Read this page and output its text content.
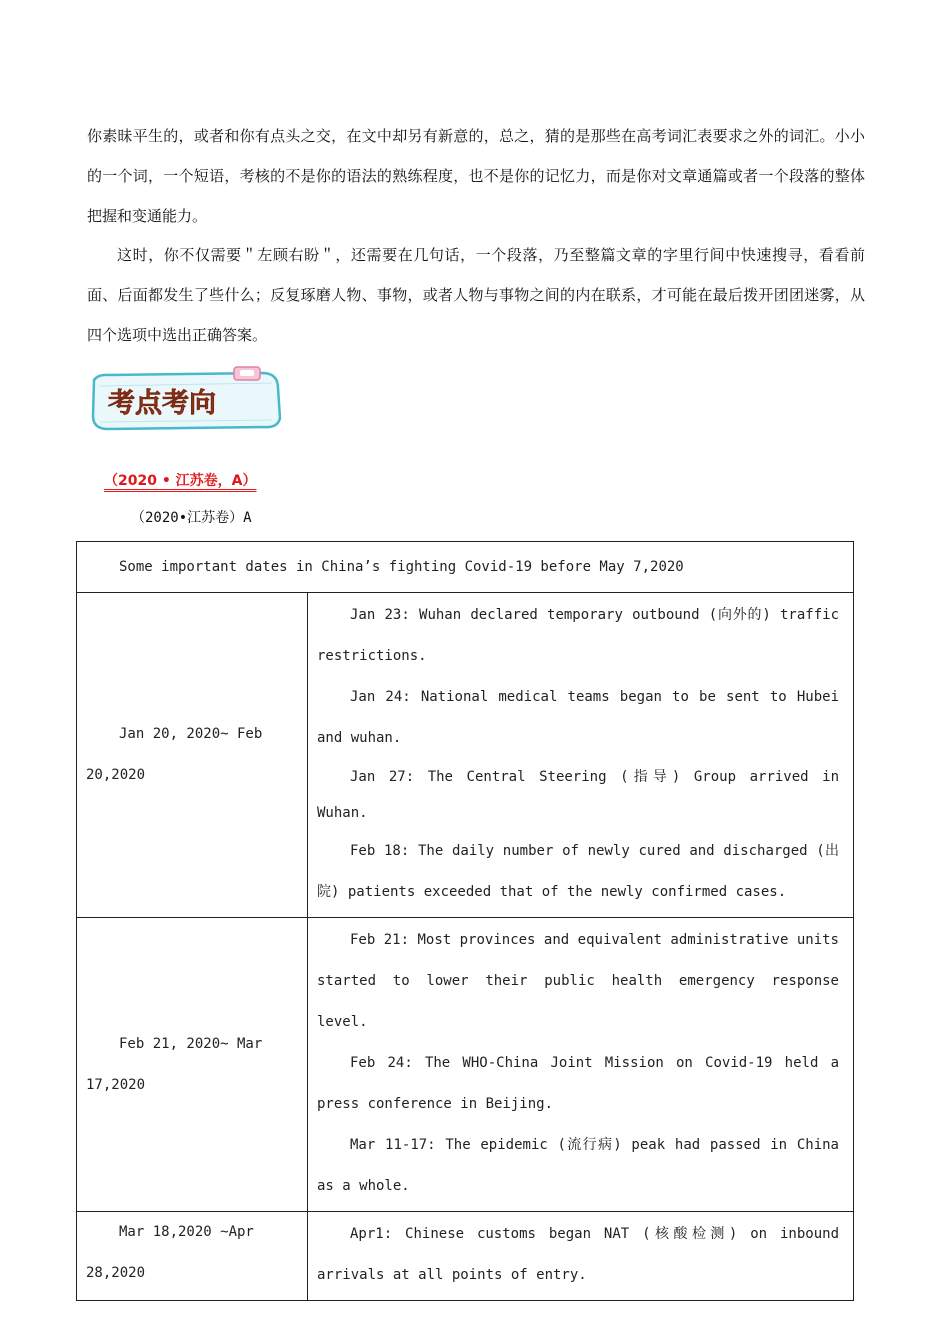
你素昧平生的，或者和你有点头之交，在文中却另有新意的，总之，猜的是那些在高考词汇表要求之外的词汇。小小的一个词，一个短语，考核的不是你的语法的熟练程度，也不是你的记忆力，而是你对文章通篇或者一个段落的整体把握和变通能力。

这时，你不仅需要＂左顾右盼＂，还需要在几句话，一个段落，乃至整篇文章的字里行间中快速搜寻，看看前面、后面都发生了些什么；反复琢磨人物、事物，或者人物与事物之间的内在联系，才可能在最后拨开团团迷雾，从四个选项中选出正确答案。

考点考向
（2020 • 江苏卷，A）
（2020•江苏卷）A
Some important dates in China’s fighting Covid-19 before May 7,2020	
Jan 20, 2020~ Feb 20,2020	Jan 23: Wuhan declared temporary outbound (向外的) traffic restrictions.

Jan 24: National medical teams began to be sent to Hubei and wuhan.

Jan 27: The Central Steering (指导) Group arrived in Wuhan.

Feb 18: The daily number of newly cured and discharged (出院) patients exceeded that of the newly confirmed cases.

Feb 21, 2020~ Mar 17,2020	Feb 21: Most provinces and equivalent administrative units started to lower their public health emergency response level.

Feb 24: The WHO-China Joint Mission on Covid-19 held a press conference in Beijing.

Mar 11-17: The epidemic (流行病) peak had passed in China as a whole.

Mar 18,2020 ~Apr 28,2020	Apr1: Chinese customs began NAT (核酸检测) on inbound arrivals at all points of entry.
